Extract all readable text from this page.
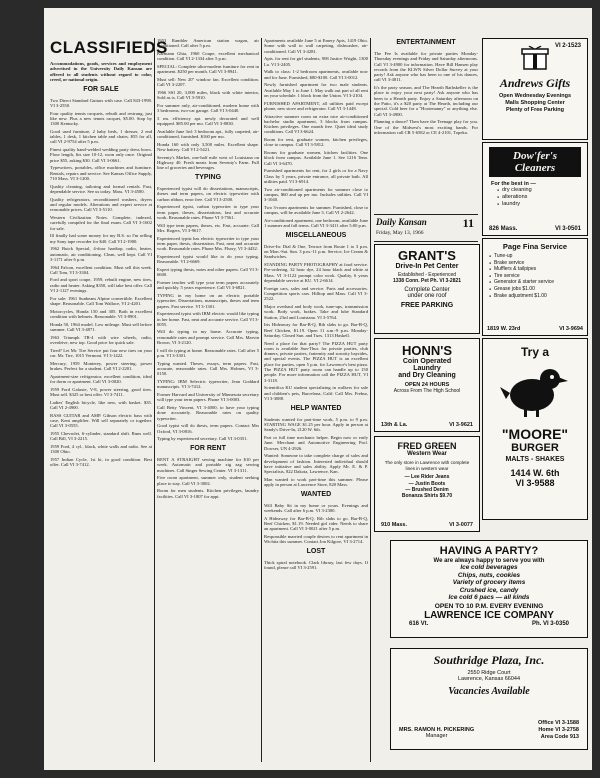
CLASSIFIEDS

Accommodations, goods, services and employment advertised in the University Daily Kansan are offered to all students without regard to color, creed, or national origin.

FOR SALE

Two Direct Standard Guitars with case. Call 843-1998. VI 3-2550.

Four quality tennis racquets, rebuilt and restrung, just like new. Plus a new tennis racquet, $5.00. Stop by 1300 Kentucky.

Good used furniture, 2 baby beds, 1 dresser, 2 end tables, 1 desk, 1 kitchen table and chairs. $55 for all, call VI 2-9754 after 5 p.m.

Finest quality hand-welded wedding party dress bows. Floor length, fits size 10-12, worn only once. Original price $55, asking $30. Call VI 3-0661.

Typewriters, portables, office machines and furniture. Rentals, repairs and service. See Kansas Office Supply, 710 Mass. VI 3-1200.

Quality cleaning, tailoring and formal rentals. Fast, dependable service. See us today. Mass. VI 3-4500.

Quality refrigerators, reconditioned washers, dryers and regular models. Alterations and expert service at reasonable prices. Call VI 3-5110.

Western Civilization Notes. Complete, indexed, carefully compiled for the final exam. Call VI 3-1602 for sale.

Ill finally had some money for my B.S. so I'm selling my Sony tape recorder for $40. Call VI 2-1900.

1962 Buick Special, 4-door hardtop, radio, heater, automatic, air conditioning. Clean, well kept. Call VI 3-1171 after 6 p.m.

1964 Falcon, excellent condition. Must sell this week. Call Tom, VI 3-3304.

Ford and sport coupe, 1959, rebuilt engine, new tires, radio and heater. Asking $350, will take best offer. Call VI 2-1127 evenings.

For sale: 1961 Sunbeam Alpine convertible. Excellent shape. Reasonable. Call Tom Wallace, VI 2-4201.

Motorcycles, Honda 150 and 305. Both in excellent condition with helmets. Reasonable. VI 3-8901.

Honda 50, 1964 model. Low mileage. Must sell before summer. Call VI 3-4871.

1963 Triumph TR-4 with wire wheels, radio, overdrive, new top. Good price for quick sale.

Tired? Let Mr. Tire Service put four new tires on your car. Mr. Tire, 1015 Vermont. VI 3-1422.

Mercury, 1959 Monterey, power steering, power brakes. Perfect for a student. Call VI 2-2201.

Apartment-size refrigerator, excellent condition, ideal for dorm or apartment. Call VI 3-0020.

1959 Ford Galaxie, V-8, power steering, good tires. Must sell. $325 or best offer. VI 3-7411.

Ladies' English bicycle, like new, with basket. $35. Call VI 2-4900.

BASS GUITAR and AMP. Gibson electric bass with case, Kent amplifier. Will sell separately or together. Call VI 3-0555.

1955 Chevrolet, 6-cylinder, standard shift. Runs well. Call Bill, VI 3-2215.

1959 Ford, 4 cyl., black, white walls and radio. See at 1300 Ohio.

1957 Indian Cycle, 1st hi, in good condition. Best offer. Call VI 3-7412.

1953 Rambler American station wagon, air conditioned. Call after 5 p.m.

Karmann Ghia, 1960 Coupe, excellent mechanical condition. Call VI 2-1334 after 5 p.m.

SPECIAL: Complete ultra-modern furniture for rent in apartment. $250 per month. Call VI 3-8941.

Must sell: New 20" window fan. Excellent condition. Call VI 3-2207.

1966 SSI 20, 3,000 miles, black with white interior, Sold as is. Call VI 3-5910.

For summer only, air-conditioned, modern home with 3 bedrooms, two-car garage. Call VI 3-0440.

3 rm. efficiency apt. newly decorated and well equipped. $85.00 per mo. Call VI 3-8830.

Available June 3rd: 3 bedroom apt., fully carpeted, air-conditioned, furnished. $160 per mo.

Honda 160 with only 3,500 miles. Excellent shape. New battery. Call VI 2-5421.

Seventy's Market, one-half mile west of Louisiana on Highway 40. Fresh meats from Seventy's Farm. Full line of groceries and beverages.

TYPING

Experienced typist will do dissertations, manuscripts, theses and term papers, on electric typewriter with carbon ribbon, error free. Call VI 3-2500.

Experienced typist, carbon typewriter to type your term paper, theses, dissertations, fast and accurate work. Reasonable rates. Phone VI 3-7561.

Will type term papers, theses, etc. Fast, accurate. Call Mrs. Rogers, VI 3-9617.

Experienced typist has electric typewriter to type your term paper, thesis, dissertation. Fast, neat and accurate work. Reasonable rates. Phone Mrs. Flurry, VI 3-4432.

Experienced typist would like to do your typing. Reasonable. VI 2-6669.

Expert typing thesis, notes and other papers. Call VI 3-6600.

Former teacher will type your term papers accurately and quickly. 5 years experience. Call VI 3-6821.

TYPING in my home on an electric portable typewriter. Dissertations, manuscripts, theses and term papers. Fast service. VI 3-1301.

Experienced typist with IBM electric would like typing in her home. Fast, neat and accurate service. Call VI 3-0055.

Will do typing in my home. Accurate typing, reasonable rates and prompt service. Call Mrs. Marvin Brown, VI 3-2120.

I will do typing at home. Reasonable rates. Call after 5 p.m. VI 3-3301.

Typing wanted. Theses, essays, term papers. Fast, accurate, reasonable rates. Call Mrs. Holmes, VI 3-0150.

TYPING: IBM Selectric typewriter, Jean Goddard manuscripts. VI 3-7412.

Former Harvard and University of Minnesota secretary will type your term papers. Phone VI 3-0003.

Call Betty Vincent, VI 3-4000, to have your typing done accurately. Reasonable rates on quality typewriter.

Good typist will do thesis, term papers. Contact Mrs Oxford, VI 3-0816.

Typing by experienced secretary. Call VI 3-0351.

FOR RENT

RENT A STRAIGHT sewing machine for $10 per week. Automatic and portable zig zag sewing machines. Call Singer Sewing Center. VI 3-1311.

Five room apartment, summer only, student seeking place to stay. Call VI 3-3002.

Room for men students. Kitchen privileges, laundry facilities. Call VI 3-1807 for appt.

Apartments available June 5 at Emery Apts, 1419 Ohio. Some with wall to wall carpeting, dishwasher, air-conditioned. Call VI 3-4281.

Apts. for rent for girl students, 908 Justice Wright, 1300 La. VI 3-2405.

Walk to class: 1-2 bedroom apartments, available now and for June. Furnished, $80-$100. Call VI 3-0012.

Newly furnished apartment for two male students. Available May 1 to June 1. May walk out part of all rent on your schedule. 1 block from the Union. VI 3-2104.

FURNISHED APARTMENT, all utilities paid except phone, new stove and refrigerator. Call VI 3-1448.

Attractive summer room on extra nice air-conditioned bachelor studio apartment, 3 blocks from campus. Kitchen privileges. One month free. Quiet ideal study conditions. Call VI 3-6624.

Room for rent, graduate women, kitchen privileges, close to campus. Call VI 3-5812.

Rooms for graduate women, kitchen facilities. One block from campus. Available June 1. See 1216 Tenn. Call VI 3-6470.

Furnished apartments for rent, for 2 girls or for a Navy Class by 5 years, private entrance, all private bath. All utilities paid. VI 3-6914.

Two air-conditioned apartments for summer close to campus, $60 and up per mo. Includes utilities. Call VI 3-1040.

Two 3-room apartments for summer. Furnished, close to campus, will be available June 3. Call VI 2-2642.

Air-conditioned apartment, one bedroom, available June 1 summer and fall terms. Call VI 3-3411 after 5:00 p.m.

MISCELLANEOUS

Drive-In: Dial & One, Terrace from Route 1 to 3 p.m. on Mon.-Sat. Sun. 3 p.m.-11 p.m. Service, Ice Cream & Sandwiches.

STANDING PARTY PHOTOGRAPHY at food service. Pre-ordering, 32 hour dye, 24 hour black and white at Mass. VI 3-1122 prompt color work. Quality, 6 years dependable service at KU. VI 2-6614.

Foreign cars, sales and service. Parts and accessories. Competition sports cars. Hilltop and Mass. Call VI 3-2522.

Major overhaul and body work, tune-ups, transmission work. Body work, brakes. Take and lube Standard Station, 23rd and Louisiana. VI 3-5764.

Iris Hideaway for Bar-B-Q, Rib slabs to go. Bar-B-Q, Beef Chicken, $1.19. Open 11 a.m.-9 p.m. Monday-Saturday. Closed Sun. and Tues. 1313 Haskell.

Need a place for that party? The PIZZA HUT party room is available Sun-Thur. for private parties, club dinners, private parties, fraternity and sorority hayrides, and special events. The PIZZA HUT is an excellent place for parties, open 5 p.m. for Lawrence's best pizza. The PIZZA HUT party room can handle up to 150 people. For more information call the PIZZA HUT, VI 3-3118.

Scientifica KU student specializing in walkers for sale and children's pets, Barcelona, Calif. Call Mrs. Frebur, VI 3-3888.

HELP WANTED

Students wanted for part-time work, 5 p.m. to 9 p.m. STARTING WAGE $1.25 per hour. Apply in person at Sandy's Drive-In, 2120 W. 6th.

Part or full time mechanic helper. Begin now or early June. Merchant and Automotive Engineering Prof. Dowser, UN 4-2926.

Wanted: Someone to take complete charge of sales and development of fashion. Interested individual should have initiative and sales ability. Apply Mr. E. & P. Specialists, 822 Dakota, Lawrence, Kan.

Man wanted to work part-time this summer. Please apply in person at Lawrence Store, 820 Mass.

WANTED

Will Baby Sit in my home or yours. Evenings and weekends. Call after 6 p.m. VI 3-2300.

A Hideaway for Bar-B-Q. Rib slabs to go. Bar-B-Q, Beef Chicken, $1.19. Needed girl rider. Needs to share an apartment. Call VI 3-0021 after 5 p.m.

Responsible married couple desires to rent apartment in Wichita this summer. Contact Jon Kilgore, VI 3-2714.

LOST

Thick spiral notebook. Clark library, last few days. If found, please call VI 3-2591.

ENTERTAINMENT

The Fee Is available for private parties Monday-Thursday evenings and Friday and Saturday afternoons. Call VI 3-4900 for information. Have Bill Hansen play records from the KLWN Silver Dollar Survey at your party! Ask anyone who has been to one of his dances, call VI 3-4811.

It's the party season, and The Hearth Rathskeller is the place to enjoy your next party! Ask anyone who has been to a Hearth party. Enjoy a Saturday afternoon on the Patio, it's a $20 party at The Hearth, including our special. Cold beer for a "Hootenanny" or anything else. Call VI 3-4900.

Planning a dance? Then have the Teenage play for you. One of the Midwest's most exciting bands. For information call CR 5-6582 or CE 4-2101, Topeka.

Daily Kansan	11
Friday, May 13, 1966
VI 2-1523
Andrews Gifts
Open Wednesday Evenings
Malls Shopping Center
Plenty of Free Parking
Dow'fer's Cleaners
For the best in —
● dry cleaning
● alterations
● laundry
826 Mass.	VI 3-0501
GRANT'S
Drive-In Pet Center
Established - Experienced
1338 Conn. Pet Ph. VI 3-2821
Complete Center
under one roof
FREE PARKING
Page Fina Service
● Tune-up
● Brake service
● Mufflers & tailpipes
● Tire service
● Generator & starter service
● Grease jobs $1.00
● Brake adjustment $1.00
1819 W. 23rd	VI 3-9694
HONN'S
Coin Operated
Laundry
and Dry Cleaning
OPEN 24 HOURS
Across From The High School
13th & La.	VI 3-9621
Try a
"MOORE"
BURGER
MALTS - SHAKES
1414 W. 6th
VI 3-9588
FRED GREEN
Western Wear
The only store in Lawrence with complete lines in western wear
— Lee Rider Jeans
— Justin Boots
— Brushed Denim
Bonanza Shirts $9.70
910 Mass.	VI 3-0077
HAVING A PARTY?
We are always happy to serve you with
Ice cold beverages
Chips, nuts, cookies
Variety of grocery items
Crushed ice, candy
Ice cold 6 pacs — all kinds
OPEN TO 10 P.M. EVERY EVENING
LAWRENCE ICE COMPANY
616 Vt.	Ph. VI 3-0350
Southridge Plaza, Inc.
2550 Ridge Court
Lawrence, Kansas 66044
Vacancies Available
MRS. RAMON H. PICKERING
Manager
Office VI 3-1588
Home VI 3-2758
Area Code 913
